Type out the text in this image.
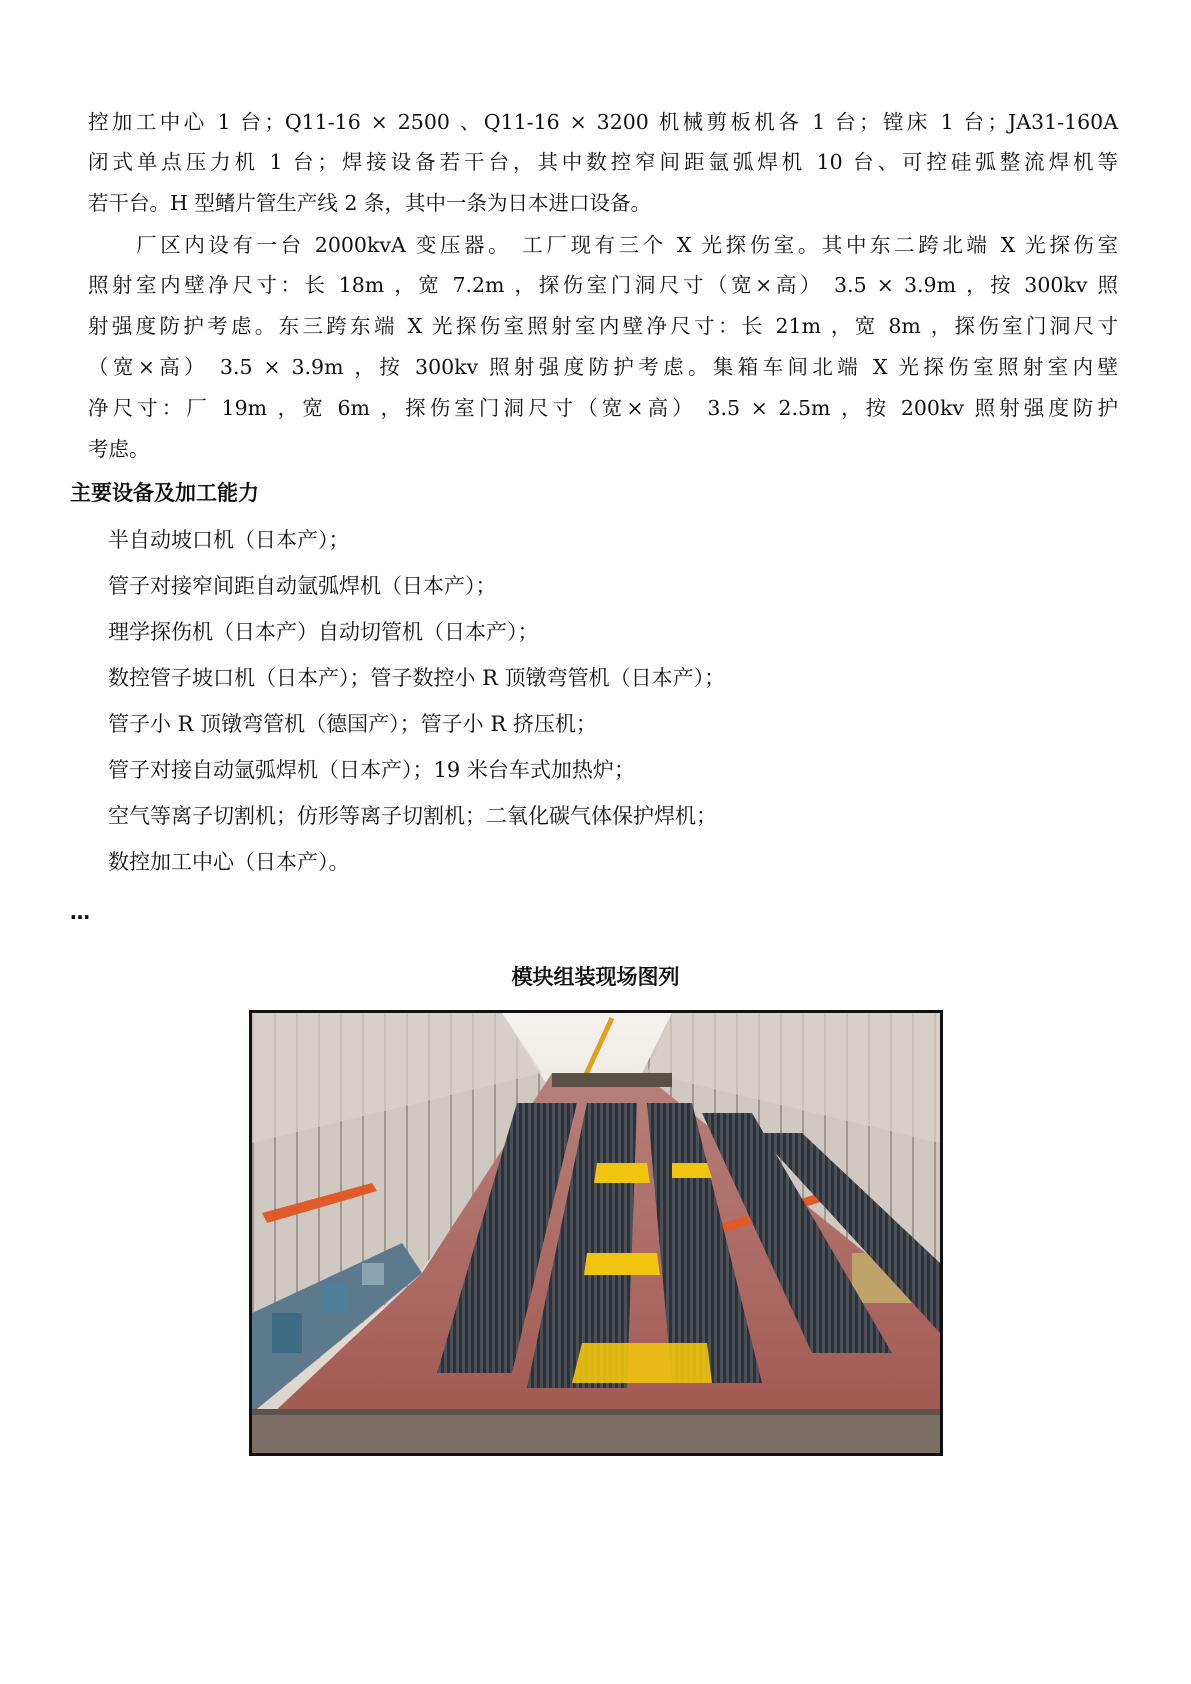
控加工中心 1 台；Q11-16 × 2500 、Q11-16 × 3200 机械剪板机各 1 台；镗床 1 台；JA31-160A
闭式单点压力机 1 台；焊接设备若干台，其中数控窄间距氩弧焊机 10 台、可控硅弧整流焊机等
若干台。H 型鳍片管生产线 2 条，其中一条为日本进口设备。
　　厂区内设有一台 2000kvA 变压器。 工厂现有三个 X 光探伤室。其中东二跨北端 X 光探伤室
照射室内壁净尺寸：长 18m ，宽 7.2m ，探伤室门洞尺寸（宽×高） 3.5 × 3.9m ，按 300kv 照
射强度防护考虑。东三跨东端 X 光探伤室照射室内壁净尺寸：长 21m ，宽 8m ，探伤室门洞尺寸
（宽×高） 3.5 × 3.9m ，按 300kv 照射强度防护考虑。集箱车间北端 X 光探伤室照射室内壁
净尺寸：厂 19m ，宽 6m ，探伤室门洞尺寸（宽×高） 3.5 × 2.5m ，按 200kv 照射强度防护
考虑。
主要设备及加工能力
半自动坡口机（日本产）；
管子对接窄间距自动氩弧焊机（日本产）；
理学探伤机（日本产）自动切管机（日本产）；
数控管子坡口机（日本产）；管子数控小 R 顶镦弯管机（日本产）；
管子小 R 顶镦弯管机（德国产）；管子小 R 挤压机；
管子对接自动氩弧焊机（日本产）；19 米台车式加热炉；
空气等离子切割机；仿形等离子切割机；二氧化碳气体保护焊机；
数控加工中心（日本产）。
…
模块组装现场图列
